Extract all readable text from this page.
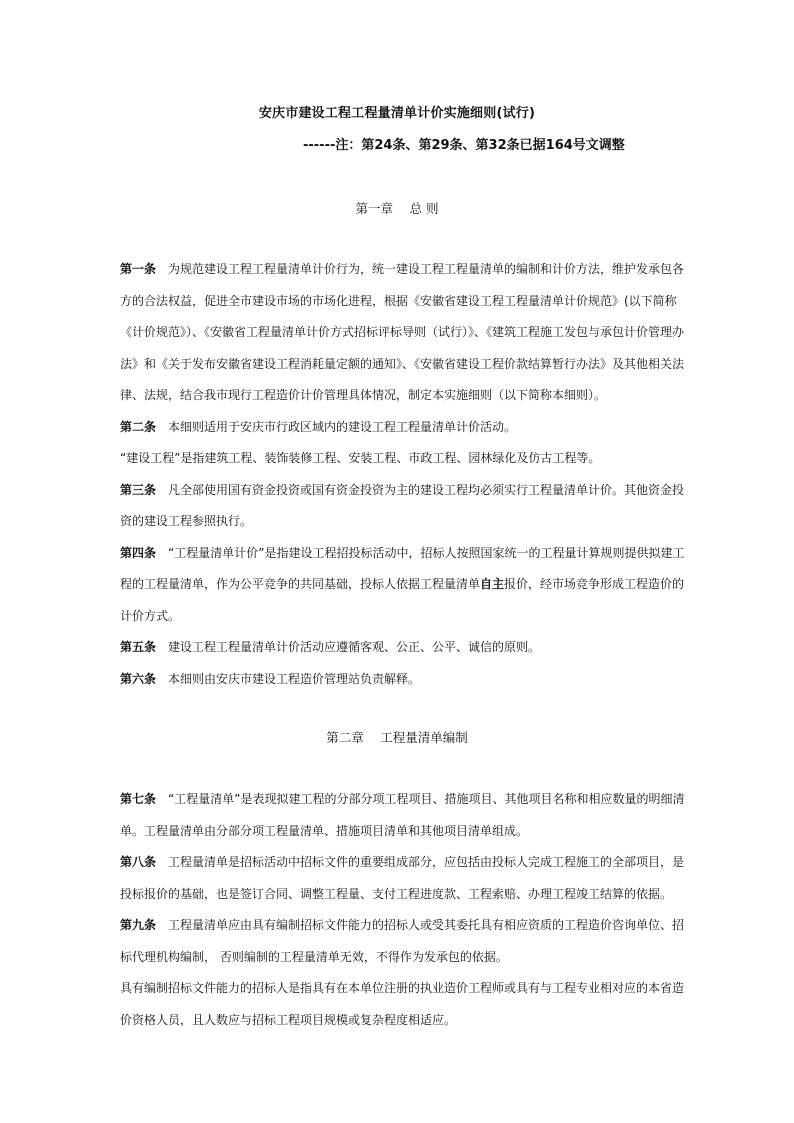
安庆市建设工程工程量清单计价实施细则(试行)
------注：第24条、第29条、第32条已据164号文调整
第一章　 总 则

第一条 为规范建设工程工程量清单计价行为，统一建设工程工程量清单的编制和计价方法，维护发承包各方的合法权益，促进全市建设市场的市场化进程，根据《安徽省建设工程工程量清单计价规范》(以下简称《计价规范》）、《安徽省工程量清单计价方式招标评标导则（试行）》、《建筑工程施工发包与承包计价管理办法》和《关于发布安徽省建设工程消耗量定额的通知》、《安徽省建设工程价款结算暂行办法》及其他相关法律、法规，结合我市现行工程造价计价管理具体情况，制定本实施细则（以下简称本细则）。

第二条 本细则适用于安庆市行政区域内的建设工程工程量清单计价活动。

“建设工程”是指建筑工程、装饰装修工程、安装工程、市政工程、园林绿化及仿古工程等。

第三条 凡全部使用国有资金投资或国有资金投资为主的建设工程均必须实行工程量清单计价。其他资金投资的建设工程参照执行。

第四条 “工程量清单计价”是指建设工程招投标活动中，招标人按照国家统一的工程量计算规则提供拟建工程的工程量清单，作为公平竞争的共同基础，投标人依据工程量清单自主报价，经市场竞争形成工程造价的计价方式。

第五条 建设工程工程量清单计价活动应遵循客观、公正、公平、诚信的原则。

第六条 本细则由安庆市建设工程造价管理站负责解释。

第二章　 工程量清单编制

第七条 “工程量清单”是表现拟建工程的分部分项工程项目、措施项目、其他项目名称和相应数量的明细清单。工程量清单由分部分项工程量清单、措施项目清单和其他项目清单组成。

第八条 工程量清单是招标活动中招标文件的重要组成部分，应包括由投标人完成工程施工的全部项目，是投标报价的基础，也是签订合同、调整工程量、支付工程进度款、工程索赔、办理工程竣工结算的依据。

第九条 工程量清单应由具有编制招标文件能力的招标人或受其委托具有相应资质的工程造价咨询单位、招标代理机构编制， 否则编制的工程量清单无效，不得作为发承包的依据。

具有编制招标文件能力的招标人是指具有在本单位注册的执业造价工程师或具有与工程专业相对应的本省造价资格人员，且人数应与招标工程项目规模或复杂程度相适应。
